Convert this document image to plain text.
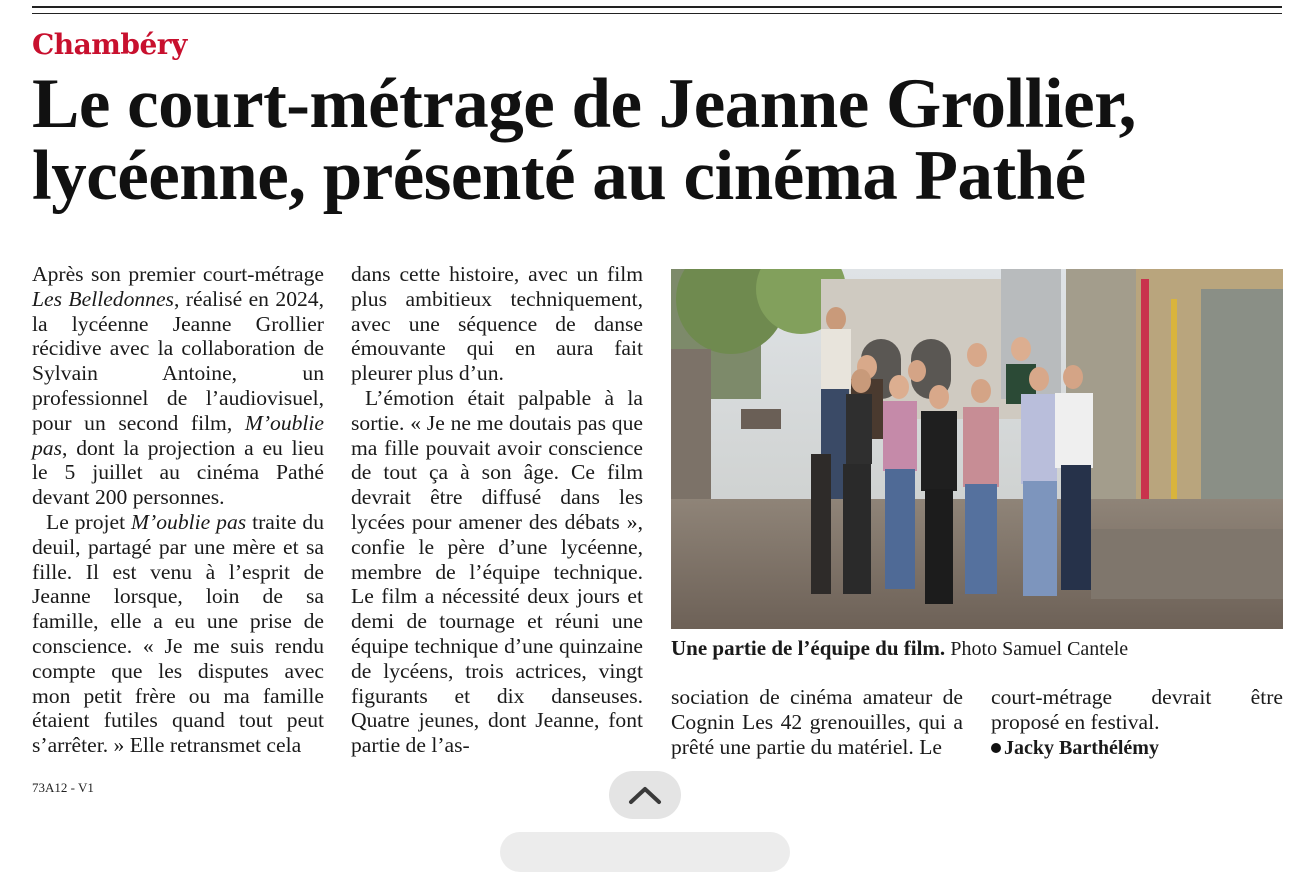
Chambéry
Le court-métrage de Jeanne Grollier, lycéenne, présenté au cinéma Pathé

Après son premier court-métrage Les Belledonnes, réalisé en 2024, la lycéenne Jeanne Grollier récidive avec la collaboration de Sylvain Antoine, un professionnel de l’audiovisuel, pour un second film, M’oublie pas, dont la projection a eu lieu le 5 juillet au cinéma Pathé devant 200 personnes.

Le projet M’oublie pas traite du deuil, partagé par une mère et sa fille. Il est venu à l’esprit de Jeanne lorsque, loin de sa famille, elle a eu une prise de conscience. « Je me suis rendu compte que les disputes avec mon petit frère ou ma famille étaient futiles quand tout peut s’arrêter. » Elle retransmet cela

dans cette histoire, avec un film plus ambitieux techniquement, avec une séquence de danse émouvante qui en aura fait pleurer plus d’un.

L’émotion était palpable à la sortie. « Je ne me doutais pas que ma fille pouvait avoir conscience de tout ça à son âge. Ce film devrait être diffusé dans les lycées pour amener des débats », confie le père d’une lycéenne, membre de l’équipe technique. Le film a nécessité deux jours et demi de tournage et réuni une équipe technique d’une quinzaine de lycéens, trois actrices, vingt figurants et dix danseuses. Quatre jeunes, dont Jeanne, font partie de l’as-

Une partie de l’équipe du film. Photo Samuel Cantele

sociation de cinéma amateur de Cognin Les 42 grenouilles, qui a prêté une partie du matériel. Le

court-métrage devrait être proposé en festival.

Jacky Barthélémy

73A12 - V1
